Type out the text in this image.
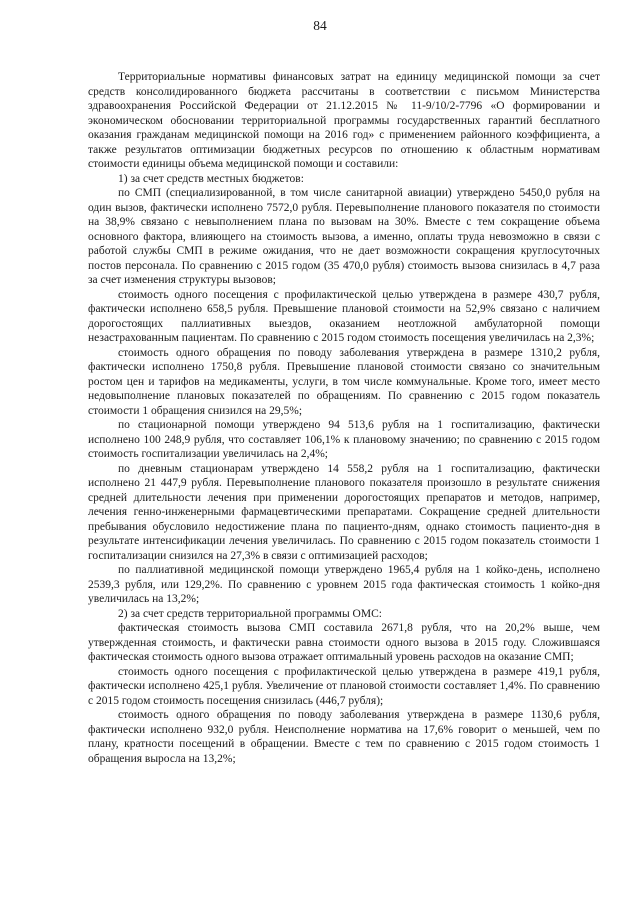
84

Территориальные нормативы финансовых затрат на единицу медицинской помощи за счет средств консолидированного бюджета рассчитаны в соответствии с письмом Министерства здравоохранения Российской Федерации от 21.12.2015 № 11-9/10/2-7796 «О формировании и экономическом обосновании территориальной программы государственных гарантий бесплатного оказания гражданам медицинской помощи на 2016 год» с применением районного коэффициента, а также результатов оптимизации бюджетных ресурсов по отношению к областным нормативам стоимости единицы объема медицинской помощи и составили:

1) за счет средств местных бюджетов:

по СМП (специализированной, в том числе санитарной авиации) утверждено 5450,0 рубля на один вызов, фактически исполнено 7572,0 рубля. Перевыполнение планового показателя по стоимости на 38,9% связано с невыполнением плана по вызовам на 30%. Вместе с тем сокращение объема основного фактора, влияющего на стоимость вызова, а именно, оплаты труда невозможно в связи с работой службы СМП в режиме ожидания, что не дает возможности сокращения круглосуточных постов персонала. По сравнению с 2015 годом (35 470,0 рубля) стоимость вызова снизилась в 4,7 раза за счет изменения структуры вызовов;

стоимость одного посещения с профилактической целью утверждена в размере 430,7 рубля, фактически исполнено 658,5 рубля. Превышение плановой стоимости на 52,9% связано с наличием дорогостоящих паллиативных выездов, оказанием неотложной амбулаторной помощи незастрахованным пациентам. По сравнению с 2015 годом стоимость посещения увеличилась на 2,3%;

стоимость одного обращения по поводу заболевания утверждена в размере 1310,2 рубля, фактически исполнено 1750,8 рубля. Превышение плановой стоимости связано со значительным ростом цен и тарифов на медикаменты, услуги, в том числе коммунальные. Кроме того, имеет место недовыполнение плановых показателей по обращениям. По сравнению с 2015 годом показатель стоимости 1 обращения снизился на 29,5%;

по стационарной помощи утверждено 94 513,6 рубля на 1 госпитализацию, фактически исполнено 100 248,9 рубля, что составляет 106,1% к плановому значению; по сравнению с 2015 годом стоимость госпитализации увеличилась на 2,4%;

по дневным стационарам утверждено 14 558,2 рубля на 1 госпитализацию, фактически исполнено 21 447,9 рубля. Перевыполнение планового показателя произошло в результате снижения средней длительности лечения при применении дорогостоящих препаратов и методов, например, лечения генно-инженерными фармацевтическими препаратами. Сокращение средней длительности пребывания обусловило недостижение плана по пациенто-дням, однако стоимость пациенто-дня в результате интенсификации лечения увеличилась. По сравнению с 2015 годом показатель стоимости 1 госпитализации снизился на 27,3% в связи с оптимизацией расходов;

по паллиативной медицинской помощи утверждено 1965,4 рубля на 1 койко-день, исполнено 2539,3 рубля, или 129,2%. По сравнению с уровнем 2015 года фактическая стоимость 1 койко-дня увеличилась на 13,2%;

2) за счет средств территориальной программы ОМС:

фактическая стоимость вызова СМП составила 2671,8 рубля, что на 20,2% выше, чем утвержденная стоимость, и фактически равна стоимости одного вызова в 2015 году. Сложившаяся фактическая стоимость одного вызова отражает оптимальный уровень расходов на оказание СМП;

стоимость одного посещения с профилактической целью утверждена в размере 419,1 рубля, фактически исполнено 425,1 рубля. Увеличение от плановой стоимости составляет 1,4%. По сравнению с 2015 годом стоимость посещения снизилась (446,7 рубля);

стоимость одного обращения по поводу заболевания утверждена в размере 1130,6 рубля, фактически исполнено 932,0 рубля. Неисполнение норматива на 17,6% говорит о меньшей, чем по плану, кратности посещений в обращении. Вместе с тем по сравнению с 2015 годом стоимость 1 обращения выросла на 13,2%;
